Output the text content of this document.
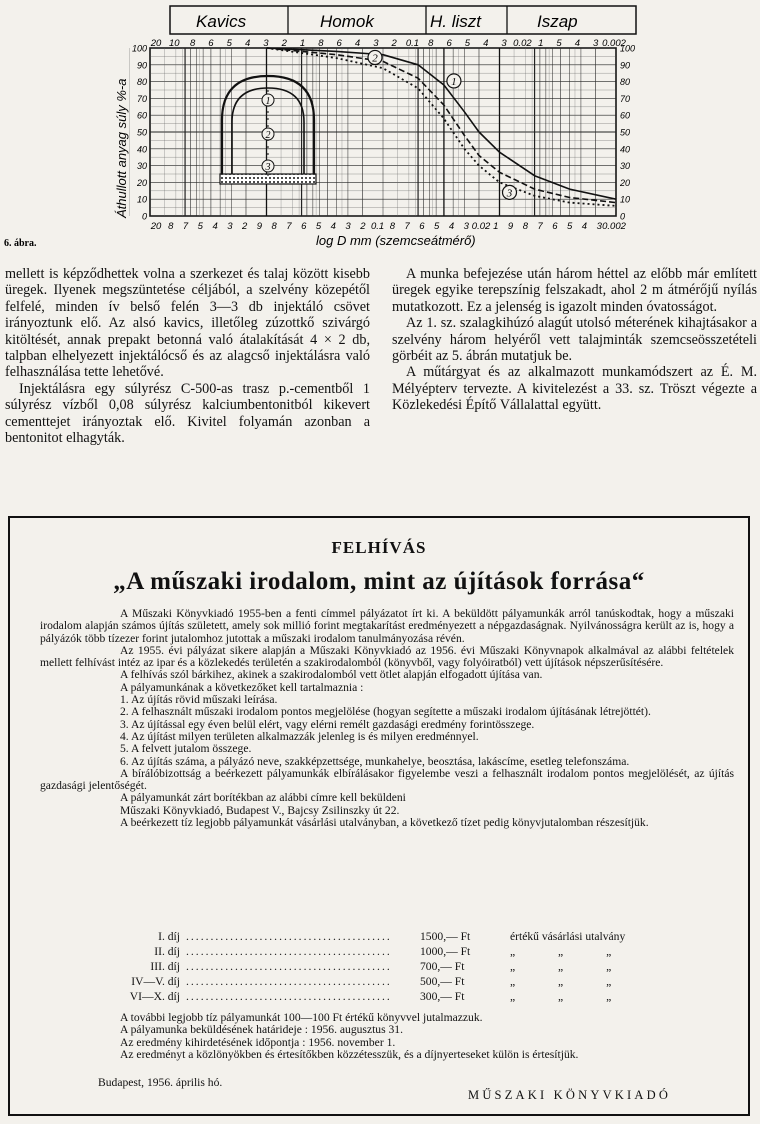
Kavics	Homok	H. liszt	Iszap
20 10 8 6 5 4 3 2 1 8 6 4 3 2 0.1 8 6 5 4 3 0.02 1 5 4 3 0.002
20 8 7 5 4 3 2 9 8 7 6 5 4 3 2 0.1 8 7 6 5 4 3 0.02 1 9 8 7 6 5 4 3 0.002
100	100
90	90
80	80
70	70
60	60
50	50
40	40
30	30
20	20
10	10
0	0
1
2
3
1
2
3
Áthullott anyag súly %-a
log D mm (szemcseátmérő)
6. ábra.

mellett is képződhettek volna a szerkezet és talaj között kisebb üregek. Ilyenek megszüntetése céljából, a szelvény közepétől felfelé, minden ív belső felén 3—3 db injektáló csövet irányoztunk elő. Az alsó kavics, illetőleg zúzottkő szivárgó kitöltését, annak prepakt betonná való átalakítását 4 × 2 db, talpban elhelyezett injektálócső és az alagcső injektálásra való felhasználása tette lehetővé.

Injektálásra egy súlyrész C-500-as trasz p.-cementből 1 súlyrész vízből 0,08 súlyrész kalciumbentonitból kikevert cementtejet irányoztak elő. Kivitel folyamán azonban a bentonitot elhagyták.

A munka befejezése után három héttel az előbb már említett üregek egyike terepszínig felszakadt, ahol 2 m átmérőjű nyílás mutatkozott. Ez a jelenség is igazolt minden óvatosságot.

Az 1. sz. szalagkihúzó alagút utolsó méterének kihajtásakor a szelvény három helyéről vett talajminták szemcseösszetételi görbéit az 5. ábrán mutatjuk be.

A műtárgyat és az alkalmazott munkamódszert az É. M. Mélyépterv tervezte. A kivitelezést a 33. sz. Tröszt végezte a Közlekedési Építő Vállalattal együtt.

FELHÍVÁS
„A műszaki irodalom, mint az újítások forrása“

A Műszaki Könyvkiadó 1955-ben a fenti címmel pályázatot írt ki. A beküldött pályamunkák arról tanúskodtak, hogy a műszaki irodalom alapján számos újítás született, amely sok millió forint megtakarítást eredményezett a népgazdaságnak. Nyilvánosságra került az is, hogy a pályázók több tízezer forint jutalomhoz jutottak a műszaki irodalom tanulmányozása révén.

Az 1955. évi pályázat sikere alapján a Műszaki Könyvkiadó az 1956. évi Műszaki Könyvnapok alkalmával az alábbi feltételek mellett felhívást intéz az ipar és a közlekedés területén a szakirodalomból (könyvből, vagy folyóiratból) vett újítások népszerűsítésére.

A felhívás szól bárkihez, akinek a szakirodalomból vett ötlet alapján elfogadott újítása van.

A pályamunkának a következőket kell tartalmaznia :

1. Az újítás rövid műszaki leírása.

2. A felhasznált műszaki irodalom pontos megjelölése (hogyan segítette a műszaki irodalom újításának létrejöttét).

3. Az újítással egy éven belül elért, vagy elérni remélt gazdasági eredmény forintösszege.

4. Az újítást milyen területen alkalmazzák jelenleg is és milyen eredménnyel.

5. A felvett jutalom összege.

6. Az újítás száma, a pályázó neve, szakképzettsége, munkahelye, beosztása, lakáscíme, esetleg telefonszáma.

A bírálóbizottság a beérkezett pályamunkák elbírálásakor figyelembe veszi a felhasznált irodalom pontos megjelölését, az újítás gazdasági jelentőségét.

A pályamunkát zárt borítékban az alábbi címre kell beküldeni

Műszaki Könyvkiadó, Budapest V., Bajcsy Zsilinszky út 22.

A beérkezett tíz legjobb pályamunkát vásárlási utalványban, a következő tízet pedig könyvjutalomban részesítjük.

I. díj ..........................................	1500,— Ft	értékű vásárlási utalvány
II. díj ..........................................	1000,— Ft	„ „ „
III. díj ..........................................	700,— Ft	„ „ „
IV—V. díj ..........................................	500,— Ft	„ „ „
VI—X. díj ..........................................	300,— Ft	„ „ „

A további legjobb tíz pályamunkát 100—100 Ft értékű könyvvel jutalmazzuk.

A pályamunka beküldésének határideje : 1956. augusztus 31.

Az eredmény kihirdetésének időpontja : 1956. november 1.

Az eredményt a közlönyökben és értesítőkben közzétesszük, és a díjnyerteseket külön is értesítjük.

Budapest, 1956. április hó.
MŰSZAKI KÖNYVKIADÓ
